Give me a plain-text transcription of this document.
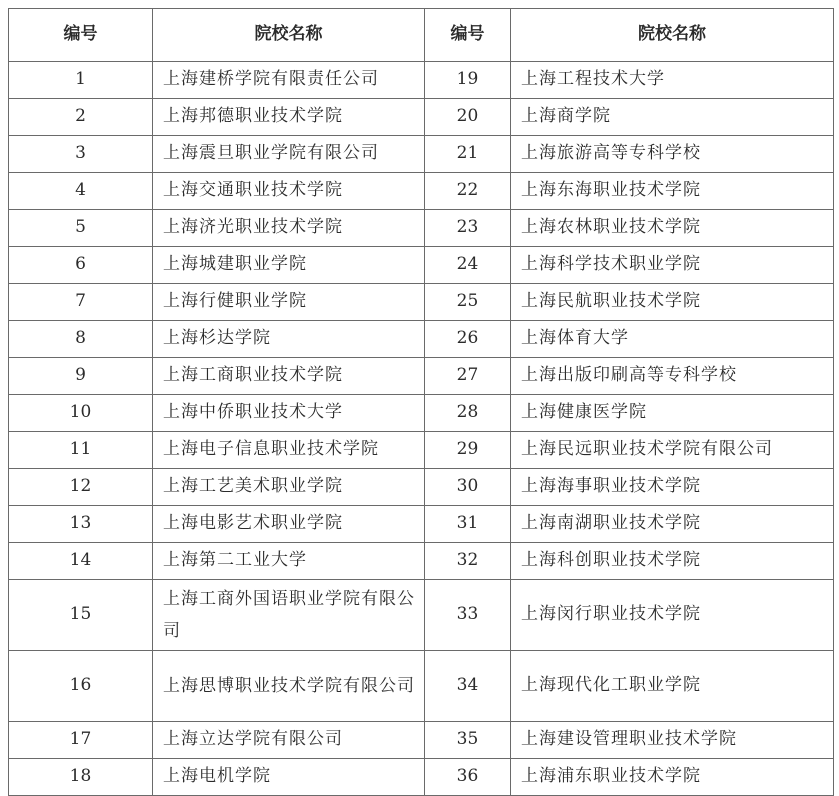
编号	院校名称	编号	院校名称
1	上海建桥学院有限责任公司	19	上海工程技术大学
2	上海邦德职业技术学院	20	上海商学院
3	上海震旦职业学院有限公司	21	上海旅游高等专科学校
4	上海交通职业技术学院	22	上海东海职业技术学院
5	上海济光职业技术学院	23	上海农林职业技术学院
6	上海城建职业学院	24	上海科学技术职业学院
7	上海行健职业学院	25	上海民航职业技术学院
8	上海杉达学院	26	上海体育大学
9	上海工商职业技术学院	27	上海出版印刷高等专科学校
10	上海中侨职业技术大学	28	上海健康医学院
11	上海电子信息职业技术学院	29	上海民远职业技术学院有限公司
12	上海工艺美术职业学院	30	上海海事职业技术学院
13	上海电影艺术职业学院	31	上海南湖职业技术学院
14	上海第二工业大学	32	上海科创职业技术学院
15	上海工商外国语职业学院有限公司	33	上海闵行职业技术学院
16	上海思博职业技术学院有限公司	34	上海现代化工职业学院
17	上海立达学院有限公司	35	上海建设管理职业技术学院
18	上海电机学院	36	上海浦东职业技术学院
